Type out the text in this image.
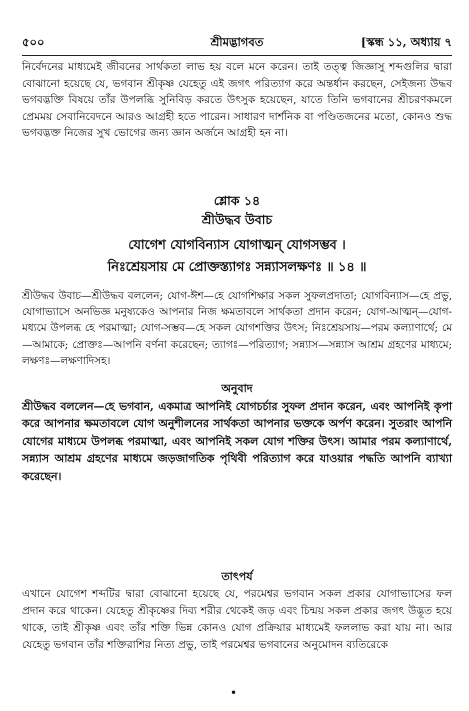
৫০০	শ্রীমদ্ভাগবত	[স্কন্ধ ১১, অধ্যায় ৭
নির্বেদনের মাধ্যমেই জীবনের সার্থকতা লাভ হয় বলে মনে করেন। তাই তত্ত্ব জিজ্ঞাসু শব্দগুলির দ্বারা বোঝানো হয়েছে যে, ভগবান শ্রীকৃষ্ণ যেহেতু এই জগৎ পরিত্যাগ করে অন্তর্ধান করছেন, সেইজন্য উদ্ধব ভগবদ্ভক্তি বিষয়ে তাঁর উপলব্ধি সুনিবিড় করতে উৎসুক হয়েছেন, যাতে তিনি ভগবানের শ্রীচরণকমলে প্রেমময় সেবানিবেদনে আরও আগ্রহী হতে পারেন। সাধারণ দার্শনিক বা পণ্ডিতজনের মতো, কোনও শুদ্ধ ভগবদ্ভক্ত নিজের সুখ ভোগের জন্য জ্ঞান অর্জনে আগ্রহী হন না।
শ্লোক ১৪
শ্রীউদ্ধব উবাচ
যোগেশ যোগবিন্যাস যোগাত্মন্ যোগসম্ভব ।
নিঃশ্রেয়সায় মে প্রোক্তস্ত্যাগঃ সন্ন্যাসলক্ষণঃ ॥ ১৪ ॥
শ্রীউদ্ধব উবাচ—শ্রীউদ্ধব বললেন; যোগ-ঈশ—হে যোগশিক্ষার সকল সুফলপ্রদাতা; যোগবিন্যাস—হে প্রভু, যোগাভ্যাসে অনভিজ্ঞ মনুষ্যকেও আপনার নিজ ক্ষমতাবলে সার্থকতা প্রদান করেন; যোগ-আত্মন্—যোগ-মধ্যমে উপলব্ধ হে পরমাত্মা; যোগ-সম্ভব—হে সকল যোগশক্তির উৎস; নিঃশ্রেয়সায়—পরম কল্যাণার্থে; মে—আমাকে; প্রোক্তঃ—আপনি বর্ণনা করেছেন; ত্যাগঃ—পরিত্যাগ; সন্ন্যাস—সন্ন্যাস আশ্রম গ্রহণের মাধ্যমে; লক্ষণঃ—লক্ষণাদিসহ।
অনুবাদ
শ্রীউদ্ধব বললেন—হে ভগবান, একমাত্র আপনিই যোগচর্চার সুফল প্রদান করেন, এবং আপনিই কৃপা করে আপনার ক্ষমতাবলে যোগ অনুশীলনের সার্থকতা আপনার ভক্তকে অর্পণ করেন। সুতরাং আপনি যোগের মাধ্যমে উপলব্ধ পরমাত্মা, এবং আপনিই সকল যোগ শক্তির উৎস। আমার পরম কল্যাণার্থে, সন্ন্যাস আশ্রম গ্রহণের মাধ্যমে জড়জাগতিক পৃথিবী পরিত্যাগ করে যাওয়ার পদ্ধতি আপনি ব্যাখ্যা করেছেন।
তাৎপর্য
এখানে যোগেশ শব্দটির দ্বারা বোঝানো হয়েছে যে, পরমেশ্বর ভগবান সকল প্রকার যোগাভ্যাসের ফল প্রদান করে থাকেন। যেহেতু শ্রীকৃষ্ণের দিব্য শরীর থেকেই জড় এবং চিন্ময় সকল প্রকার জগৎ উদ্ভূত হয়ে থাকে, তাই শ্রীকৃষ্ণ এবং তাঁর শক্তি ভিন্ন কোনও যোগ প্রক্রিয়ার মাধ্যমেই ফললাভ করা যায় না। আর যেহেতু ভগবান তাঁর শক্তিরাশির নিত্য প্রভু, তাই পরমেশ্বর ভগবানের অনুমোদন ব্যতিরেকে
•
